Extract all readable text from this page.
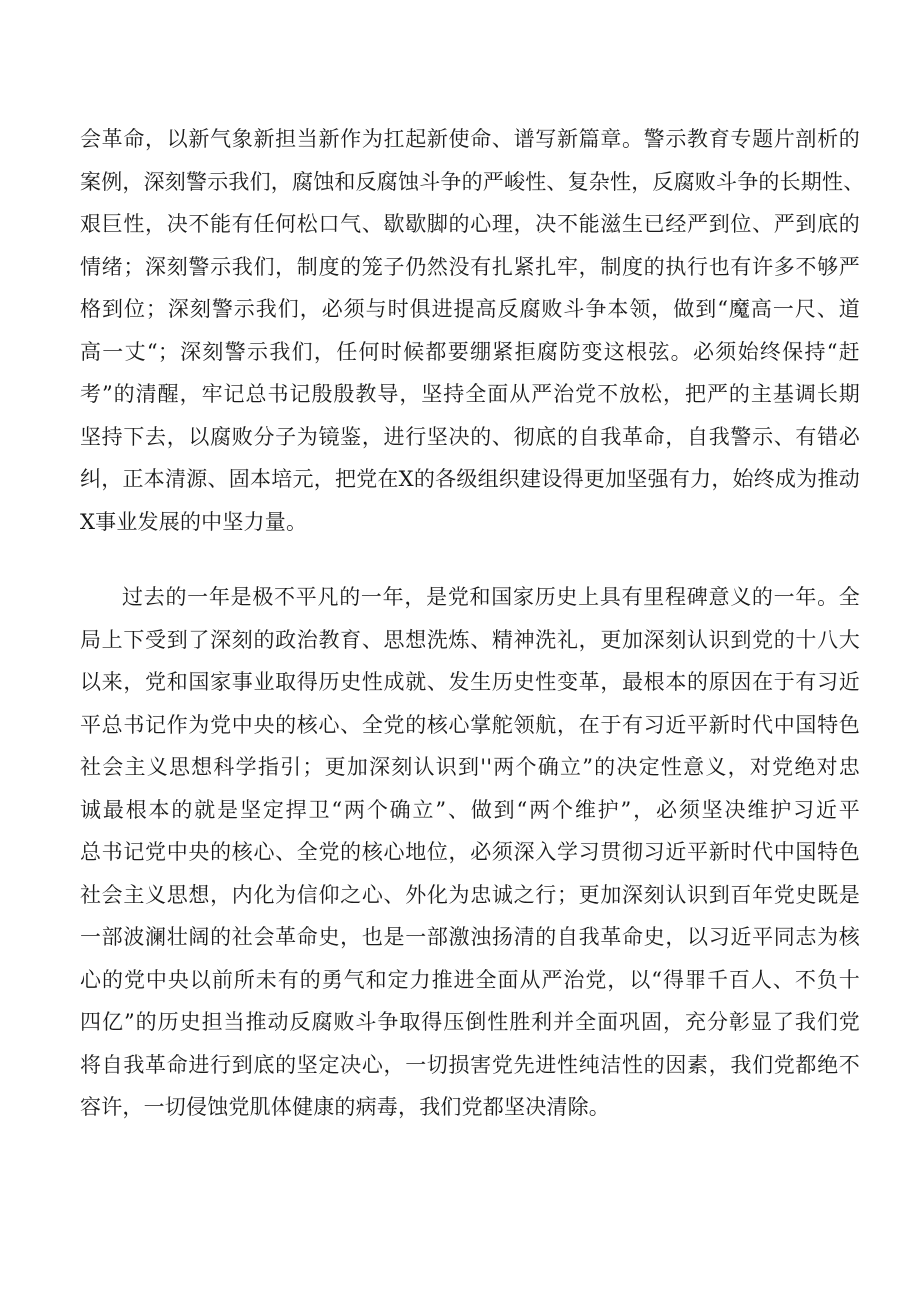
会革命，以新气象新担当新作为扛起新使命、谱写新篇章。警示教育专题片剖析的
案例，深刻警示我们，腐蚀和反腐蚀斗争的严峻性、复杂性，反腐败斗争的长期性、
艰巨性，决不能有任何松口气、歇歇脚的心理，决不能滋生已经严到位、严到底的
情绪；深刻警示我们，制度的笼子仍然没有扎紧扎牢，制度的执行也有许多不够严
格到位；深刻警示我们，必须与时俱进提高反腐败斗争本领，做到“魔高一尺、道
高一丈“；深刻警示我们，任何时候都要绷紧拒腐防变这根弦。必须始终保持“赶
考”的清醒，牢记总书记殷殷教导，坚持全面从严治党不放松，把严的主基调长期
坚持下去，以腐败分子为镜鉴，进行坚决的、彻底的自我革命，自我警示、有错必
纠，正本清源、固本培元，把党在X的各级组织建设得更加坚强有力，始终成为推动
X事业发展的中坚力量。
过去的一年是极不平凡的一年，是党和国家历史上具有里程碑意义的一年。全
局上下受到了深刻的政治教育、思想洗炼、精神洗礼，更加深刻认识到党的十八大
以来，党和国家事业取得历史性成就、发生历史性变革，最根本的原因在于有习近
平总书记作为党中央的核心、全党的核心掌舵领航，在于有习近平新时代中国特色
社会主义思想科学指引；更加深刻认识到''两个确立”的决定性意义，对党绝对忠
诚最根本的就是坚定捍卫“两个确立”、做到“两个维护”，必须坚决维护习近平
总书记党中央的核心、全党的核心地位，必须深入学习贯彻习近平新时代中国特色
社会主义思想，内化为信仰之心、外化为忠诚之行；更加深刻认识到百年党史既是
一部波澜壮阔的社会革命史，也是一部激浊扬清的自我革命史，以习近平同志为核
心的党中央以前所未有的勇气和定力推进全面从严治党，以“得罪千百人、不负十
四亿”的历史担当推动反腐败斗争取得压倒性胜利并全面巩固，充分彰显了我们党
将自我革命进行到底的坚定决心，一切损害党先进性纯洁性的因素，我们党都绝不
容许，一切侵蚀党肌体健康的病毒，我们党都坚决清除。
